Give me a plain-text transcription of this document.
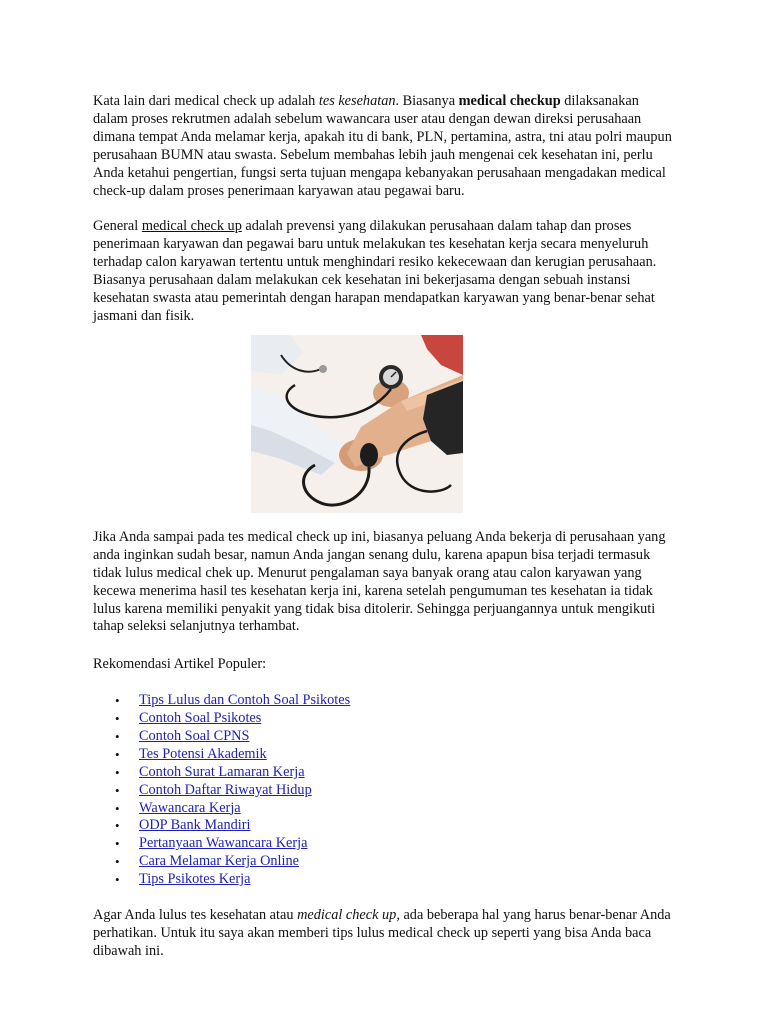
Kata lain dari medical check up adalah tes kesehatan. Biasanya medical checkup dilaksanakan dalam proses rekrutmen adalah sebelum wawancara user atau dengan dewan direksi perusahaan dimana tempat Anda melamar kerja, apakah itu di bank, PLN, pertamina, astra, tni atau polri maupun perusahaan BUMN atau swasta. Sebelum membahas lebih jauh mengenai cek kesehatan ini, perlu Anda ketahui pengertian, fungsi serta tujuan mengapa kebanyakan perusahaan mengadakan medical check-up dalam proses penerimaan karyawan atau pegawai baru.

General medical check up adalah prevensi yang dilakukan perusahaan dalam tahap dan proses penerimaan karyawan dan pegawai baru untuk melakukan tes kesehatan kerja secara menyeluruh terhadap calon karyawan tertentu untuk menghindari resiko kekecewaan dan kerugian perusahaan. Biasanya perusahaan dalam melakukan cek kesehatan ini bekerjasama dengan sebuah instansi kesehatan swasta atau pemerintah dengan harapan mendapatkan karyawan yang benar-benar sehat jasmani dan fisik.

Jika Anda sampai pada tes medical check up ini, biasanya peluang Anda bekerja di perusahaan yang anda inginkan sudah besar, namun Anda jangan senang dulu, karena apapun bisa terjadi termasuk tidak lulus medical chek up. Menurut pengalaman saya banyak orang atau calon karyawan yang kecewa menerima hasil tes kesehatan kerja ini, karena setelah pengumuman tes kesehatan ia tidak lulus karena memiliki penyakit yang tidak bisa ditolerir. Sehingga perjuangannya untuk mengikuti tahap seleksi selanjutnya terhambat.

Rekomendasi Artikel Populer:

• Tips Lulus dan Contoh Soal Psikotes
• Contoh Soal Psikotes
• Contoh Soal CPNS
• Tes Potensi Akademik
• Contoh Surat Lamaran Kerja
• Contoh Daftar Riwayat Hidup
• Wawancara Kerja
• ODP Bank Mandiri
• Pertanyaan Wawancara Kerja
• Cara Melamar Kerja Online
• Tips Psikotes Kerja

Agar Anda lulus tes kesehatan atau medical check up, ada beberapa hal yang harus benar-benar Anda perhatikan. Untuk itu saya akan memberi tips lulus medical check up seperti yang bisa Anda baca dibawah ini.
